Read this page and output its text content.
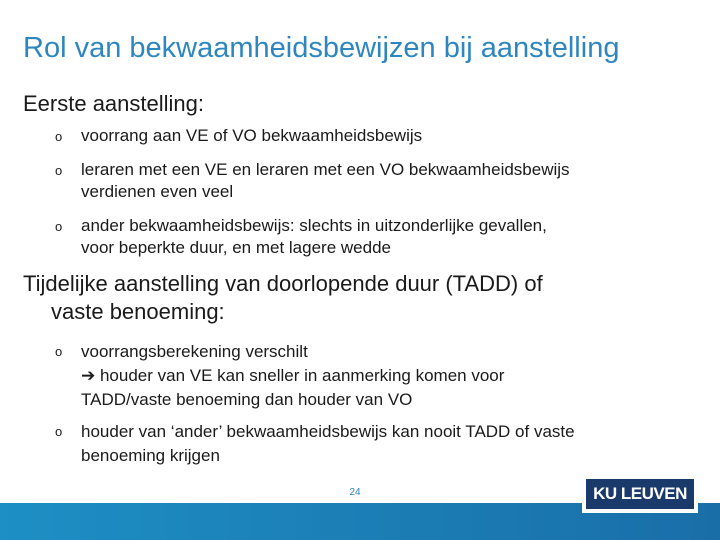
Rol van bekwaamheidsbewijzen bij aanstelling
Eerste aanstelling:
o voorrang aan VE of VO bekwaamheidsbewijs
o leraren met een VE en leraren met een VO bekwaamheidsbewijs
verdienen even veel
o ander bekwaamheidsbewijs: slechts in uitzonderlijke gevallen,
voor beperkte duur, en met lagere wedde
Tijdelijke aanstelling van doorlopende duur (TADD) of
vaste benoeming:
o voorrangsberekening verschilt
➔ houder van VE kan sneller in aanmerking komen voor
TADD/vaste benoeming dan houder van VO
o houder van ‘ander’ bekwaamheidsbewijs kan nooit TADD of vaste
benoeming krijgen
24	KU LEUVEN
